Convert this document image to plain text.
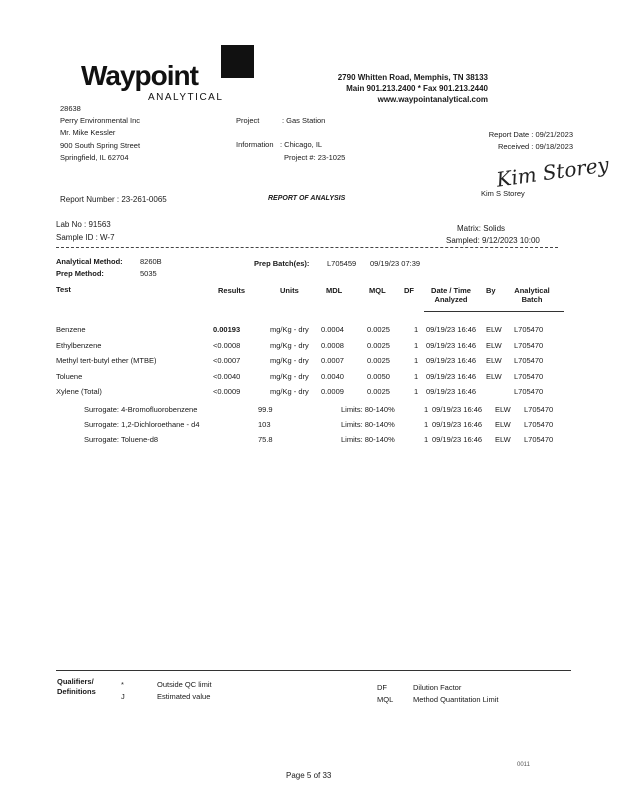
Waypoint
ANALYTICAL
2790 Whitten Road, Memphis, TN 38133
Main 901.213.2400 * Fax 901.213.2440
www.waypointanalytical.com
28638
Perry Environmental Inc
Mr. Mike Kessler
900 South Spring Street
Springfield, IL 62704
Project	: Gas Station
Information : Chicago, IL
Project #: 23-1025
Report Date : 09/21/2023
Received : 09/18/2023
Kim Storey
Kim S Storey
Report Number : 23-261-0065	REPORT OF ANALYSIS
Lab No : 91563
Sample ID : W-7
Matrix: Solids
Sampled: 9/12/2023 10:00
Analytical Method: 8260B
Prep Method:	5035
Prep Batch(es): L705459 09/19/23 07:39
Test	Results	Units	MDL	MQL DF	Date / Time Analyzed
By	Analytical Batch
Benzene	0.00193	mg/Kg - dry 0.0004	0.0025	1 09/19/23 16:46 ELW L705470
Ethylbenzene	<0.0008	mg/Kg - dry 0.0008	0.0025	1 09/19/23 16:46 ELW L705470
Methyl tert-butyl ether (MTBE)	<0.0007	mg/Kg - dry 0.0007	0.0025	1 09/19/23 16:46 ELW L705470
Toluene	<0.0040	mg/Kg - dry 0.0040	0.0050	1 09/19/23 16:46 ELW L705470
Xylene (Total)	<0.0009	mg/Kg - dry 0.0009	0.0025	1 09/19/23 16:46	L705470
Surrogate: 4-Bromofluorobenzene	99.9	Limits: 80-140%	1 09/19/23 16:46 ELW L705470
Surrogate: 1,2-Dichloroethane - d4	103	Limits: 80-140%	1 09/19/23 16:46 ELW L705470
Surrogate: Toluene-d8	75.8	Limits: 80-140%	1 09/19/23 16:46 ELW L705470
Qualifiers/ Definitions
*	Outside QC limit
J	Estimated value
DF	Dilution Factor
MQL	Method Quantitation Limit
Page 5 of 33
0011
